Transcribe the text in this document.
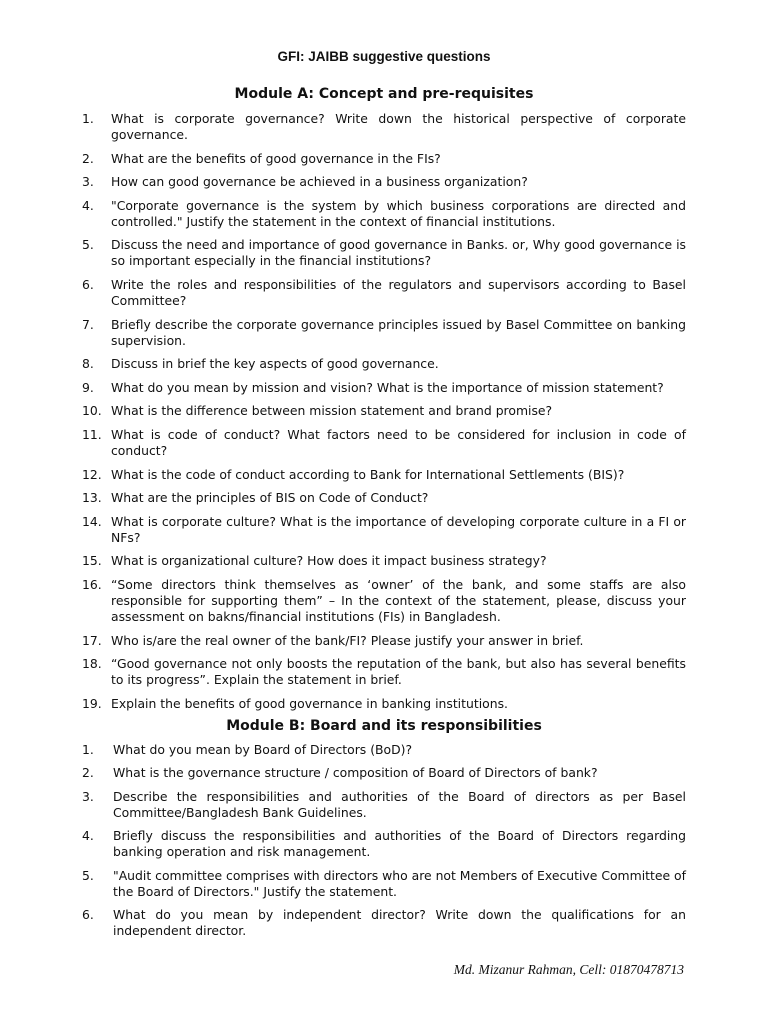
GFI: JAIBB suggestive questions
Module A: Concept and pre-requisites
1. What is corporate governance? Write down the historical perspective of corporate governance.
2. What are the benefits of good governance in the FIs?
3. How can good governance be achieved in a business organization?
4. "Corporate governance is the system by which business corporations are directed and controlled." Justify the statement in the context of financial institutions.
5. Discuss the need and importance of good governance in Banks. or, Why good governance is so important especially in the financial institutions?
6. Write the roles and responsibilities of the regulators and supervisors according to Basel Committee?
7. Briefly describe the corporate governance principles issued by Basel Committee on banking supervision.
8. Discuss in brief the key aspects of good governance.
9. What do you mean by mission and vision? What is the importance of mission statement?
10. What is the difference between mission statement and brand promise?
11. What is code of conduct? What factors need to be considered for inclusion in code of conduct?
12. What is the code of conduct according to Bank for International Settlements (BIS)?
13. What are the principles of BIS on Code of Conduct?
14. What is corporate culture? What is the importance of developing corporate culture in a FI or NFs?
15. What is organizational culture? How does it impact business strategy?
16. “Some directors think themselves as ‘owner’ of the bank, and some staffs are also responsible for supporting them” – In the context of the statement, please, discuss your assessment on bakns/financial institutions (FIs) in Bangladesh.
17. Who is/are the real owner of the bank/FI? Please justify your answer in brief.
18. “Good governance not only boosts the reputation of the bank, but also has several benefits to its progress”. Explain the statement in brief.
19. Explain the benefits of good governance in banking institutions.
Module B: Board and its responsibilities
1. What do you mean by Board of Directors (BoD)?
2. What is the governance structure / composition of Board of Directors of bank?
3. Describe the responsibilities and authorities of the Board of directors as per Basel Committee/Bangladesh Bank Guidelines.
4. Briefly discuss the responsibilities and authorities of the Board of Directors regarding banking operation and risk management.
5. "Audit committee comprises with directors who are not Members of Executive Committee of the Board of Directors." Justify the statement.
6. What do you mean by independent director? Write down the qualifications for an independent director.
Md. Mizanur Rahman, Cell: 01870478713
